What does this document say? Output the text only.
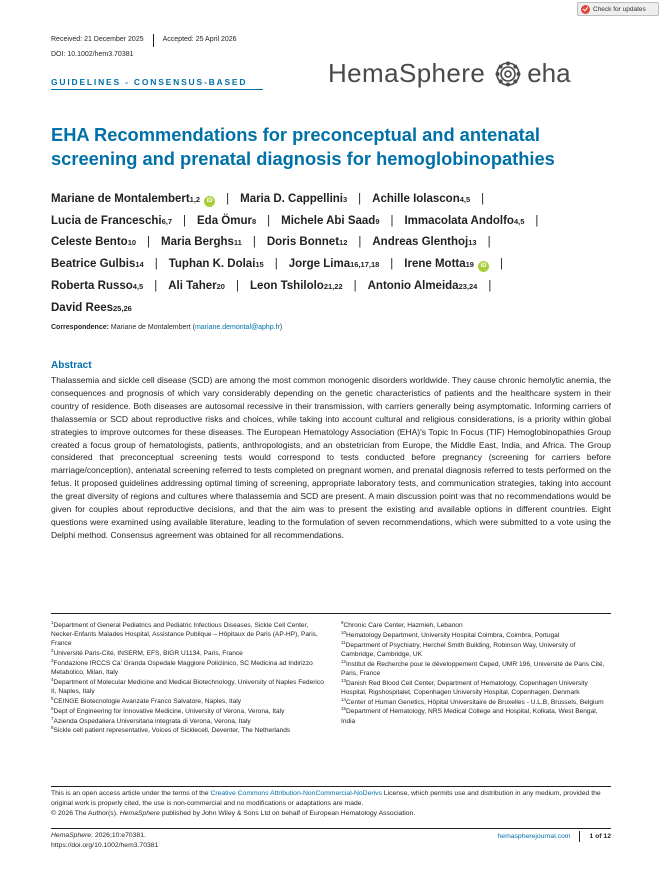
Check for updates
Received: 21 December 2025	Accepted: 25 April 2026
DOI: 10.1002/hem3.70381
GUIDELINES - CONSENSUS-BASED	HemaSphere eha
EHA Recommendations for preconceptual and antenatal screening and prenatal diagnosis for hemoglobinopathies
Mariane de Montalembert 1,2	iD | Maria D. Cappellini 3 | Achille Iolascon 4,5 |
Lucia de Franceschi 6,7 | Eda Ömur 8 | Michele Abi Saad 9 | Immacolata Andolfo 4,5 |
Celeste Bento 10 | Maria Berghs 11 | Doris Bonnet 12 | Andreas Glenthoj 13 |
Beatrice Gulbis 14 | Tuphan K. Dolai 15 | Jorge Lima 16,17,18 | Irene Motta 19	iD |
Roberta Russo 4,5 | Ali Taher 20 | Leon Tshilolo 21,22 | Antonio Almeida 23,24 |
David Rees 25,26
Correspondence: Mariane de Montalembert (mariane.demontal@aphp.fr)
Abstract

Thalassemia and sickle cell disease (SCD) are among the most common monogenic disorders worldwide. They cause chronic hemolytic anemia, the consequences and prognosis of which vary considerably depending on the genetic characteristics of patients and the healthcare system in their country of residence. Both diseases are autosomal recessive in their transmission, with carriers generally being asymptomatic. Informing carriers of thalassemia or SCD about reproductive risks and choices, while taking into account cultural and religious considerations, is a priority within global strategies to improve outcomes for these diseases. The European Hematology Association (EHA)'s Topic In Focus (TIF) Hemoglobinopathies Group created a focus group of hematologists, patients, anthropologists, and an obstetrician from Europe, the Middle East, India, and Africa. The Group considered that preconceptual screening tests would correspond to tests conducted before pregnancy (screening for carriers before marriage/conception), antenatal screening referred to tests completed on pregnant women, and prenatal diagnosis referred to tests performed on the fetus. It proposed guidelines addressing optimal timing of screening, appropriate laboratory tests, and communication strategies, taking into account the great diversity of regions and cultures where thalassemia and SCD are present. A main discussion point was that no recommendations would be given for couples about reproductive decisions, and that the aim was to present the existing and available options in different countries. Eight questions were examined using available literature, leading to the formulation of seven recommendations, which were submitted to a vote using the Delphi method. Consensus agreement was obtained for all recommendations.

$^1$Department of General Pediatrics and Pediatric Infectious Diseases, Sickle Cell Center, Necker-Enfants Malades Hospital, Assistance Publique – Hôpitaux de Paris (AP-HP), Paris, France

$^2$Université Paris-Cité, INSERM, EFS, BIGR U1134, Paris, France

$^3$Fondazione IRCCS Ca' Granda Ospedale Maggiore Policlinico, SC Medicina ad Indirizzo Metabolico, Milan, Italy

$^4$Department of Molecular Medicine and Medical Biotechnology, University of Naples Federico II, Naples, Italy

$^5$CEINGE Biotecnologie Avanzate Franco Salvatore, Naples, Italy

$^6$Dept of Engineering for Innovative Medicine, University of Verona, Verona, Italy

$^7$Azienda Ospedaliera Universitaria integrata di Verona, Verona, Italy

$^8$Sickle cell patient representative, Voices of Sicklecell, Deventer, The Netherlands

$^9$Chronic Care Center, Hazmieh, Lebanon

$^{10}$Hematology Department, University Hospital Coimbra, Coimbra, Portugal

$^{11}$Department of Psychiatry, Herchel Smith Building, Robinson Way, University of Cambridge, Cambridge, UK

$^{12}$Institut de Recherche pour le développement Ceped, UMR 196, Université de Paris Cité, Paris, France

$^{13}$Danish Red Blood Cell Center, Department of Hematology, Copenhagen University Hospital, Rigshospitalet, Copenhagen University Hospital, Copenhagen, Denmark

$^{14}$Center of Human Genetics, Hôpital Universitaire de Bruxelles - U.L.B, Brussels, Belgium

$^{15}$Department of Hematology, NRS Medical College and Hospital, Kolkata, West Bengal, India

This is an open access article under the terms of the Creative Commons Attribution-NonCommercial-NoDerivs License, which permits use and distribution in any medium, provided the original work is properly cited, the use is non-commercial and no modifications or adaptations are made.
© 2026 The Author(s). HemaSphere published by John Wiley & Sons Ltd on behalf of European Hematology Association.
HemaSphere. 2026;10:e70381.
https://doi.org/10.1002/hem3.70381
hemaspherejournal.com	1 of 12
